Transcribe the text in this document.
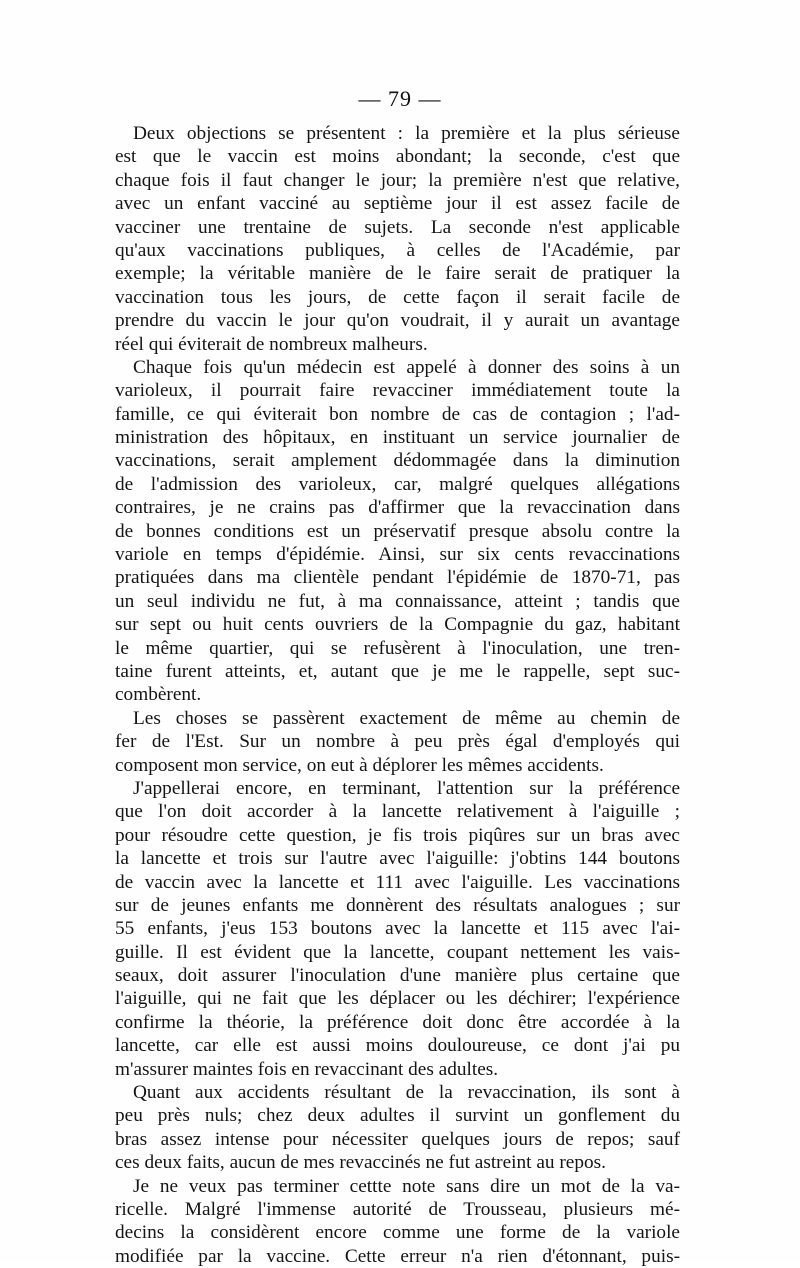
— 79 —
Deux objections se présentent : la première et la plus sérieuse
est que le vaccin est moins abondant; la seconde, c'est que
chaque fois il faut changer le jour; la première n'est que relative,
avec un enfant vacciné au septième jour il est assez facile de
vacciner une trentaine de sujets. La seconde n'est applicable
qu'aux vaccinations publiques, à celles de l'Académie, par
exemple; la véritable manière de le faire serait de pratiquer la
vaccination tous les jours, de cette façon il serait facile de
prendre du vaccin le jour qu'on voudrait, il y aurait un avantage
réel qui éviterait de nombreux malheurs.
Chaque fois qu'un médecin est appelé à donner des soins à un
varioleux, il pourrait faire revacciner immédiatement toute la
famille, ce qui éviterait bon nombre de cas de contagion ; l'ad-
ministration des hôpitaux, en instituant un service journalier de
vaccinations, serait amplement dédommagée dans la diminution
de l'admission des varioleux, car, malgré quelques allégations
contraires, je ne crains pas d'affirmer que la revaccination dans
de bonnes conditions est un préservatif presque absolu contre la
variole en temps d'épidémie. Ainsi, sur six cents revaccinations
pratiquées dans ma clientèle pendant l'épidémie de 1870-71, pas
un seul individu ne fut, à ma connaissance, atteint ; tandis que
sur sept ou huit cents ouvriers de la Compagnie du gaz, habitant
le même quartier, qui se refusèrent à l'inoculation, une tren-
taine furent atteints, et, autant que je me le rappelle, sept suc-
combèrent.
Les choses se passèrent exactement de même au chemin de
fer de l'Est. Sur un nombre à peu près égal d'employés qui
composent mon service, on eut à déplorer les mêmes accidents.
J'appellerai encore, en terminant, l'attention sur la préférence
que l'on doit accorder à la lancette relativement à l'aiguille ;
pour résoudre cette question, je fis trois piqûres sur un bras avec
la lancette et trois sur l'autre avec l'aiguille: j'obtins 144 boutons
de vaccin avec la lancette et 111 avec l'aiguille. Les vaccinations
sur de jeunes enfants me donnèrent des résultats analogues ; sur
55 enfants, j'eus 153 boutons avec la lancette et 115 avec l'ai-
guille. Il est évident que la lancette, coupant nettement les vais-
seaux, doit assurer l'inoculation d'une manière plus certaine que
l'aiguille, qui ne fait que les déplacer ou les déchirer; l'expérience
confirme la théorie, la préférence doit donc être accordée à la
lancette, car elle est aussi moins douloureuse, ce dont j'ai pu
m'assurer maintes fois en revaccinant des adultes.
Quant aux accidents résultant de la revaccination, ils sont à
peu près nuls; chez deux adultes il survint un gonflement du
bras assez intense pour nécessiter quelques jours de repos; sauf
ces deux faits, aucun de mes revaccinés ne fut astreint au repos.
Je ne veux pas terminer cettte note sans dire un mot de la va-
ricelle. Malgré l'immense autorité de Trousseau, plusieurs mé-
decins la considèrent encore comme une forme de la variole
modifiée par la vaccine. Cette erreur n'a rien d'étonnant, puis-
